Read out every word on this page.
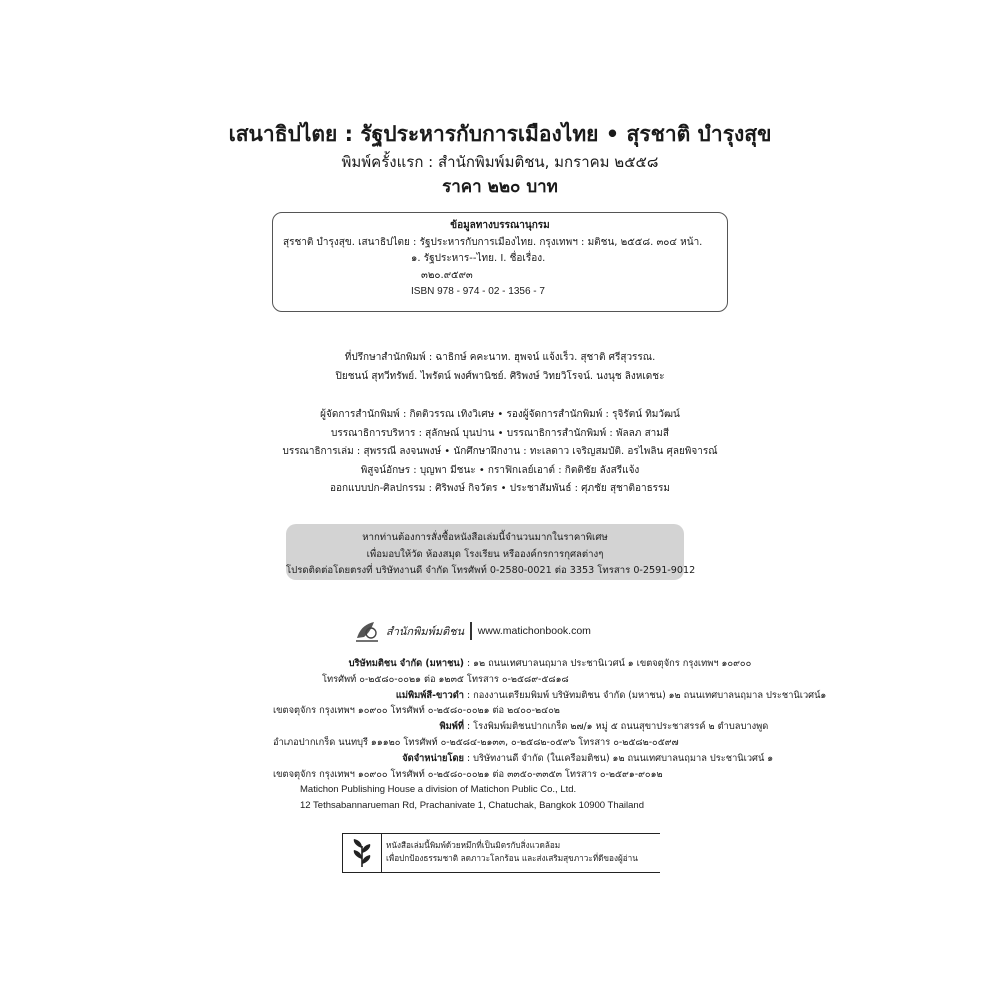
เสนาธิปไตย : รัฐประหารกับการเมืองไทย • สุรชาติ บำรุงสุข
พิมพ์ครั้งแรก : สำนักพิมพ์มติชน, มกราคม ๒๕๕๘
ราคา ๒๒๐ บาท
ข้อมูลทางบรรณานุกรม
สุรชาติ บำรุงสุข. เสนาธิปไตย : รัฐประหารกับการเมืองไทย. กรุงเทพฯ : มติชน, ๒๕๕๘. ๓๐๔ หน้า.
๑. รัฐประหาร--ไทย. I. ชื่อเรื่อง.
๓๒๐.๙๕๙๓
ISBN 978 - 974 - 02 - 1356 - 7
ที่ปรึกษาสำนักพิมพ์ : ฉาธิกษ์ คคะนาท. ฮุพจน์ แจ้งเร็ว. สุชาติ ศรีสุวรรณ.
ปิยชนน์ สุทวีทรัพย์. ไพรัตน์ พงศ์พานิชย์. ศิริพงษ์ วิทยวิโรจน์. นงนุช ลิงหเดชะ
ผู้จัดการสำนักพิมพ์ : กิตติวรรณ เทิงวิเศษ • รองผู้จัดการสำนักพิมพ์ : รุจิรัตน์ ทิมวัฒน์
บรรณาธิการบริหาร : สุลักษณ์ บุนปาน • บรรณาธิการสำนักพิมพ์ : พัลลภ สามสี
บรรณาธิการเล่ม : สุพรรณี ลงจนพงษ์ • นักศึกษาฝึกงาน : ทะเลดาว เจริญสมบัติ. อรไพลิน ศุลยพิจารณ์
พิสูจน์อักษร : บุญพา มีชนะ • กราฟิกเลย์เอาต์ : กิตติชัย ลังสรีแจ้ง
ออกแบบปก-ศิลปกรรม : ศิริพงษ์ กิจวัตร • ประชาสัมพันธ์ : ศุภชัย สุชาติอาธรรม
หากท่านต้องการสั่งซื้อหนังสือเล่มนี้จำนวนมากในราคาพิเศษ
เพื่อมอบให้วัด ห้องสมุด โรงเรียน หรือองค์กรการกุศลต่างๆ
โปรดติดต่อโดยตรงที่ บริษัทงานดี จำกัด โทรศัพท์ 0-2580-0021 ต่อ 3353 โทรสาร 0-2591-9012
สำนักพิมพ์มติชน www.matichonbook.com
บริษัทมติชน จำกัด (มหาชน) : ๑๒ ถนนเทศบาลนฤมาล ประชานิเวศน์ ๑ เขตจตุจักร กรุงเทพฯ ๑๐๙๐๐
โทรศัพท์ ๐-๒๕๘๐-๐๐๒๑ ต่อ ๑๒๓๕ โทรสาร ๐-๒๕๘๙-๕๘๑๘
แม่พิมพ์สี-ขาวดำ : กองงานเตรียมพิมพ์ บริษัทมติชน จำกัด (มหาชน) ๑๒ ถนนเทศบาลนฤมาล ประชานิเวศน์๑
เขตจตุจักร กรุงเทพฯ ๑๐๙๐๐ โทรศัพท์ ๐-๒๕๘๐-๐๐๒๑ ต่อ ๒๔๐๐-๒๔๐๒
พิมพ์ที่ : โรงพิมพ์มติชนปากเกร็ด ๒๗/๑ หมู่ ๕ ถนนสุขาประชาสรรค์ ๒ ตำบลบางพูด
อำเภอปากเกร็ด นนทบุรี ๑๑๑๒๐ โทรศัพท์ ๐-๒๕๘๔-๒๑๓๓, ๐-๒๕๘๒-๐๕๙๖ โทรสาร ๐-๒๕๘๒-๐๕๙๗
จัดจำหน่ายโดย : บริษัทงานดี จำกัด (ในเครือมติชน) ๑๒ ถนนเทศบาลนฤมาล ประชานิเวศน์ ๑
เขตจตุจักร กรุงเทพฯ ๑๐๙๐๐ โทรศัพท์ ๐-๒๕๘๐-๐๐๒๑ ต่อ ๓๓๕๐-๓๓๕๓ โทรสาร ๐-๒๕๙๑-๙๐๑๒
Matichon Publishing House a division of Matichon Public Co., Ltd.
12 Tethsabannarueman Rd, Prachanivate 1, Chatuchak, Bangkok 10900 Thailand
หนังสือเล่มนี้พิมพ์ด้วยหมึกที่เป็นมิตรกับสิ่งแวดล้อม
เพื่อปกป้องธรรมชาติ ลดภาวะโลกร้อน และส่งเสริมสุขภาวะที่ดีของผู้อ่าน
